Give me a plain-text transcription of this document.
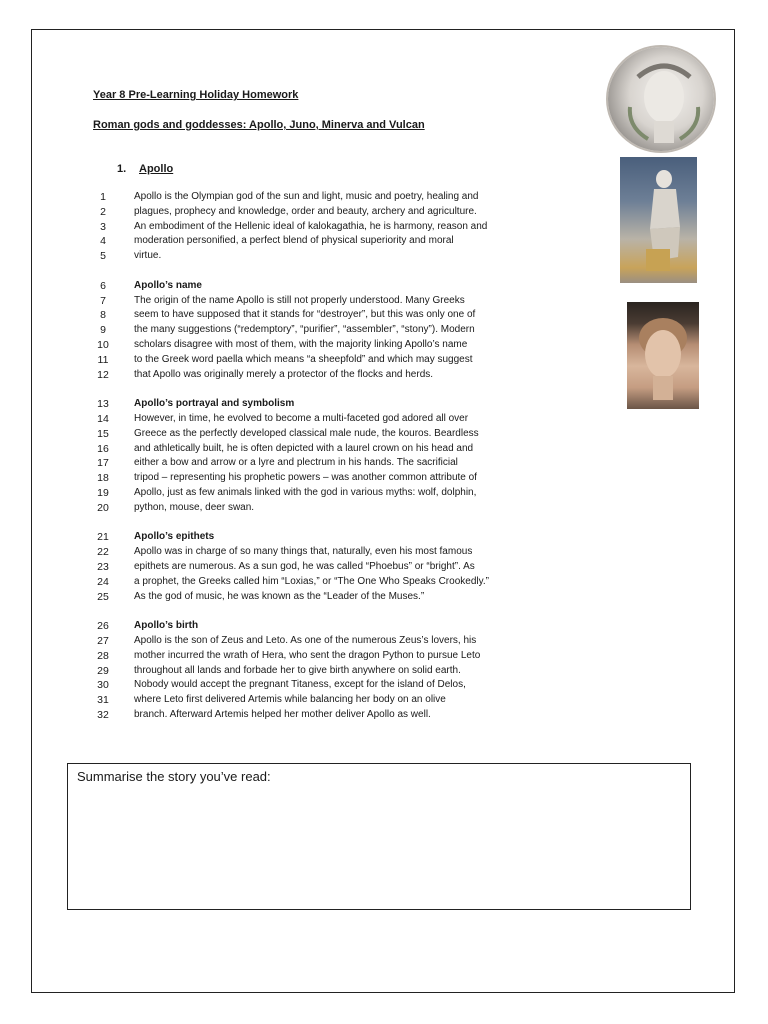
Year 8 Pre-Learning Holiday Homework

Roman gods and goddesses: Apollo, Juno, Minerva and Vulcan

1. Apollo

1	Apollo is the Olympian god of the sun and light, music and poetry, healing and
2	plagues, prophecy and knowledge, order and beauty, archery and agriculture.
3	An embodiment of the Hellenic ideal of kalokagathia, he is harmony, reason and
4	moderation personified, a perfect blend of physical superiority and moral
5	virtue.
6	Apollo’s name
7	The origin of the name Apollo is still not properly understood. Many Greeks
8	seem to have supposed that it stands for “destroyer”, but this was only one of
9	the many suggestions (“redemptory”, “purifier”, “assembler”, “stony”). Modern
10	scholars disagree with most of them, with the majority linking Apollo’s name
11	to the Greek word paella which means “a sheepfold” and which may suggest
12	that Apollo was originally merely a protector of the flocks and herds.
13	Apollo’s portrayal and symbolism
14	However, in time, he evolved to become a multi-faceted god adored all over
15	Greece as the perfectly developed classical male nude, the kouros. Beardless
16	and athletically built, he is often depicted with a laurel crown on his head and
17	either a bow and arrow or a lyre and plectrum in his hands. The sacrificial
18	tripod – representing his prophetic powers – was another common attribute of
19	Apollo, just as few animals linked with the god in various myths: wolf, dolphin,
20	python, mouse, deer swan.
21	Apollo’s epithets
22	Apollo was in charge of so many things that, naturally, even his most famous
23	epithets are numerous. As a sun god, he was called “Phoebus” or “bright”. As
24	a prophet, the Greeks called him “Loxias,” or “The One Who Speaks Crookedly.”
25	As the god of music, he was known as the “Leader of the Muses.”
26	Apollo’s birth
27	Apollo is the son of Zeus and Leto. As one of the numerous Zeus’s lovers, his
28	mother incurred the wrath of Hera, who sent the dragon Python to pursue Leto
29	throughout all lands and forbade her to give birth anywhere on solid earth.
30	Nobody would accept the pregnant Titaness, except for the island of Delos,
31	where Leto first delivered Artemis while balancing her body on an olive
32	branch. Afterward Artemis helped her mother deliver Apollo as well.

Summarise the story you’ve read:
